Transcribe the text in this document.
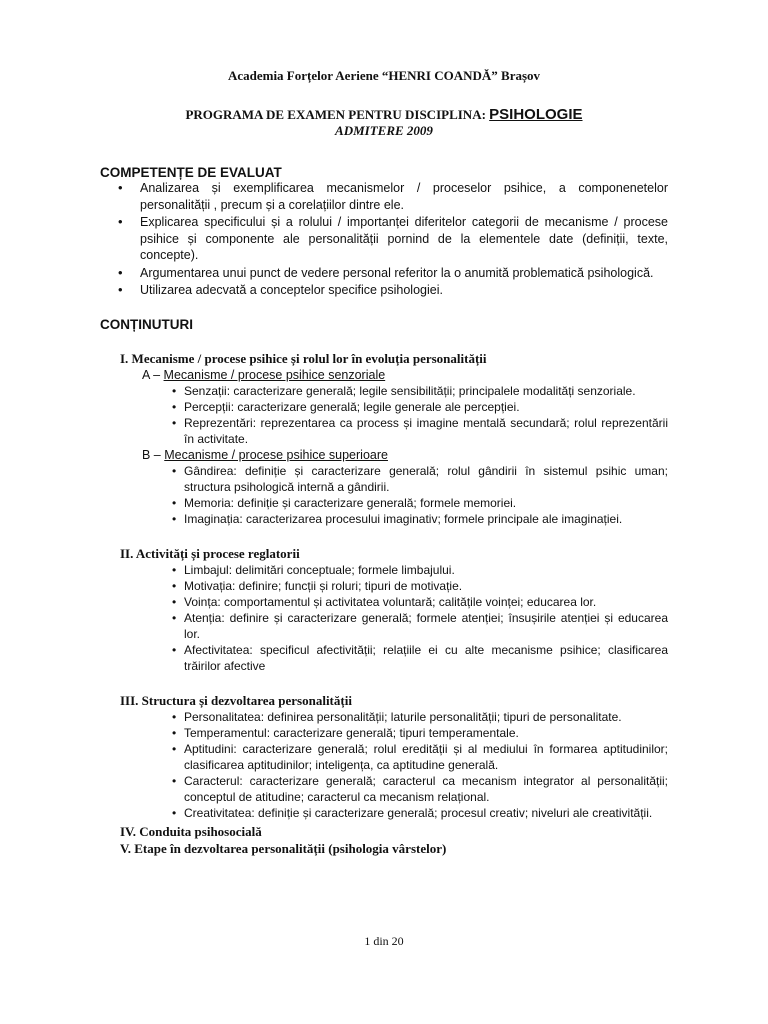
Academia Forțelor Aeriene “HENRI COANDĂ” Brașov
PROGRAMA DE EXAMEN PENTRU DISCIPLINA: PSIHOLOGIE
ADMITERE 2009
COMPETENȚE DE EVALUAT
• Analizarea și exemplificarea mecanismelor / proceselor psihice, a componenetelor personalității , precum și a corelațiilor dintre ele.
• Explicarea specificului și a rolului / importanței diferitelor categorii de mecanisme / procese psihice și componente ale personalității pornind de la elementele date (definiții, texte, concepte).
• Argumentarea unui punct de vedere personal referitor la o anumită problematică psihologică.
• Utilizarea adecvată a conceptelor specifice psihologiei.
CONȚINUTURI
I. Mecanisme / procese psihice și rolul lor în evoluția personalității
A – Mecanisme / procese psihice senzoriale
• Senzații: caracterizare generală; legile sensibilității; principalele modalități senzoriale.
• Percepții: caracterizare generală; legile generale ale percepției.
• Reprezentări: reprezentarea ca process și imagine mentală secundară; rolul reprezentării în activitate.
B – Mecanisme / procese psihice superioare
• Gândirea: definiție și caracterizare generală; rolul gândirii în sistemul psihic uman; structura psihologică internă a gândirii.
• Memoria: definiție și caracterizare generală; formele memoriei.
• Imaginația: caracterizarea procesului imaginativ; formele principale ale imaginației.
II. Activități și procese reglatorii
• Limbajul: delimitări conceptuale; formele limbajului.
• Motivația: definire; funcții și roluri; tipuri de motivație.
• Voința: comportamentul și activitatea voluntară; calitățile voinței; educarea lor.
• Atenția: definire și caracterizare generală; formele atenției; însușirile atenției și educarea lor.
• Afectivitatea: specificul afectivității; relațiile ei cu alte mecanisme psihice; clasificarea trăirilor afective
III. Structura și dezvoltarea personalității
• Personalitatea: definirea personalității; laturile personalității; tipuri de personalitate.
• Temperamentul: caracterizare generală; tipuri temperamentale.
• Aptitudini: caracterizare generală; rolul eredității și al mediului în formarea aptitudinilor; clasificarea aptitudinilor; inteligența, ca aptitudine generală.
• Caracterul: caracterizare generală; caracterul ca mecanism integrator al personalității; conceptul de atitudine; caracterul ca mecanism relațional.
• Creativitatea: definiție și caracterizare generală; procesul creativ; niveluri ale creativității.
IV. Conduita psihosocială
V. Etape în dezvoltarea personalității (psihologia vârstelor)
1 din 20
